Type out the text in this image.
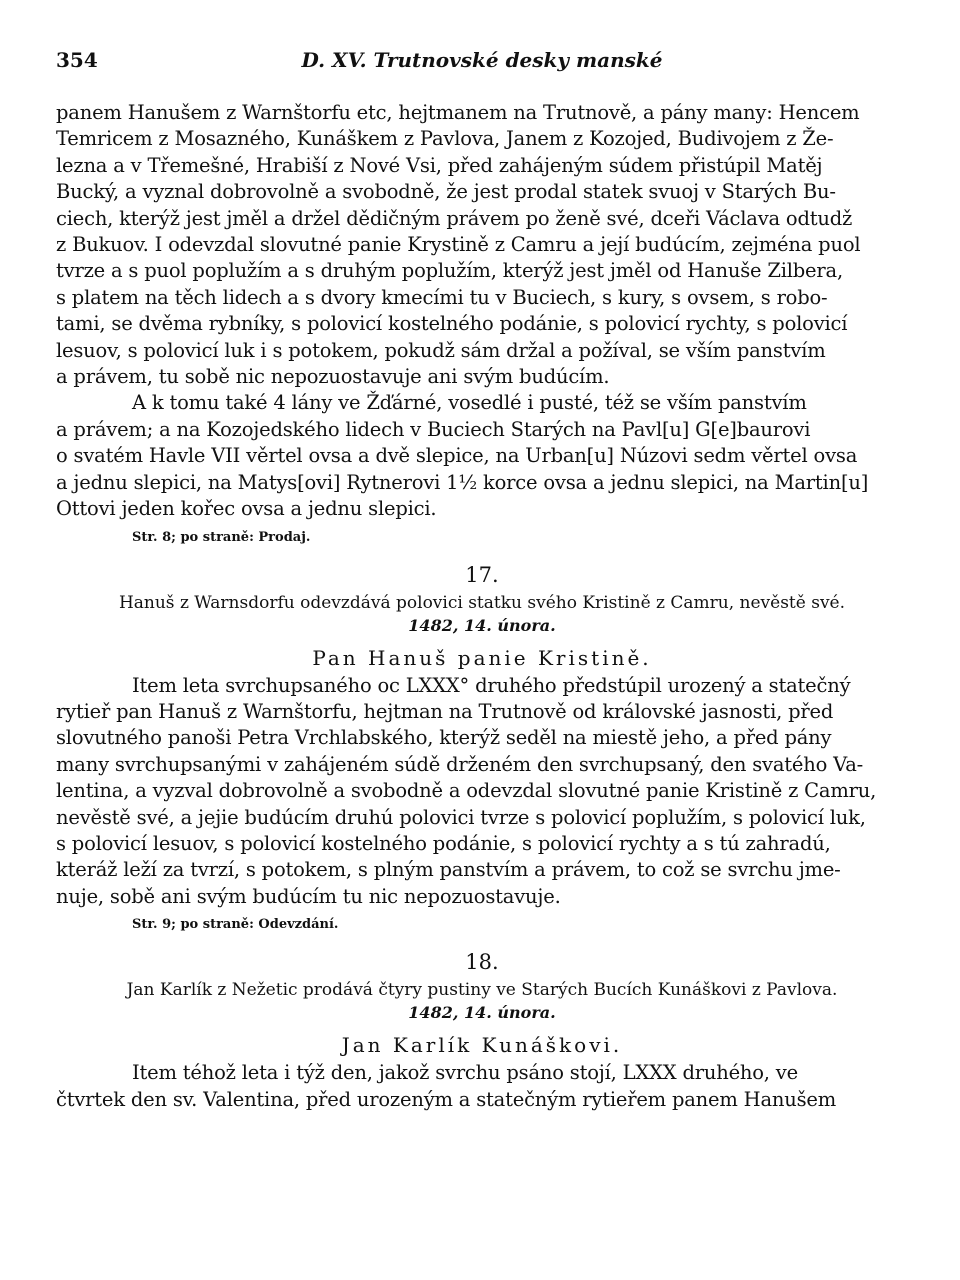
354	D. XV. Trutnovské desky manské

panem Hanušem z Warnštorfu etc, hejtmanem na Trutnově, a pány many: Hencem
Temricem z Mosazného, Kunáškem z Pavlova, Janem z Kozojed, Budivojem z Že-
lezna a v Třemešné, Hrabiší z Nové Vsi, před zahájeným súdem přistúpil Matěj
Bucký, a vyznal dobrovolně a svobodně, že jest prodal statek svuoj v Starých Bu-
ciech, kterýž jest jměl a držel dědičným právem po ženě své, dceři Václava odtudž
z Bukuov. I odevzdal slovutné panie Krystině z Camru a její budúcím, zejména puol
tvrze a s puol poplužím a s druhým poplužím, kterýž jest jměl od Hanuše Zilbera,
s platem na těch lidech a s dvory kmecími tu v Buciech, s kury, s ovsem, s robo-
tami, se dvěma rybníky, s polovicí kostelného podánie, s polovicí rychty, s polovicí
lesuov, s polovicí luk i s potokem, pokudž sám držal a požíval, se vším panstvím
a právem, tu sobě nic nepozuostavuje ani svým budúcím.

A k tomu také 4 lány ve Žďárné, vosedlé i pusté, též se vším panstvím
a právem; a na Kozojedského lidech v Buciech Starých na Pavl[u] G[e]baurovi
o svatém Havle VII věrtel ovsa a dvě slepice, na Urban[u] Núzovi sedm věrtel ovsa
a jednu slepici, na Matys[ovi] Rytnerovi 1½ korce ovsa a jednu slepici, na Martin[u]
Ottovi jeden kořec ovsa a jednu slepici.

Str. 8; po straně: Prodaj.
17.
Hanuš z Warnsdorfu odevzdává polovici statku svého Kristině z Camru, nevěstě své.
1482, 14. února.
Pan Hanuš panie Kristině.

Item leta svrchupsaného oc LXXX° druhého předstúpil urozený a statečný
rytieř pan Hanuš z Warnštorfu, hejtman na Trutnově od královské jasnosti, před
slovutného panoši Petra Vrchlabského, kterýž seděl na miestě jeho, a před pány
many svrchupsanými v zahájeném súdě drženém den svrchupsaný, den svatého Va-
lentina, a vyzval dobrovolně a svobodně a odevzdal slovutné panie Kristině z Camru,
nevěstě své, a jejie budúcím druhú polovici tvrze s polovicí poplužím, s polovicí luk,
s polovicí lesuov, s polovicí kostelného podánie, s polovicí rychty a s tú zahradú,
kteráž leží za tvrzí, s potokem, s plným panstvím a právem, to což se svrchu jme-
nuje, sobě ani svým budúcím tu nic nepozuostavuje.

Str. 9; po straně: Odevzdání.
18.
Jan Karlík z Nežetic prodává čtyry pustiny ve Starých Bucích Kunáškovi z Pavlova.
1482, 14. února.
Jan Karlík Kunáškovi.

Item téhož leta i týž den, jakož svrchu psáno stojí, LXXX druhého, ve
čtvrtek den sv. Valentina, před urozeným a statečným rytieřem panem Hanušem
